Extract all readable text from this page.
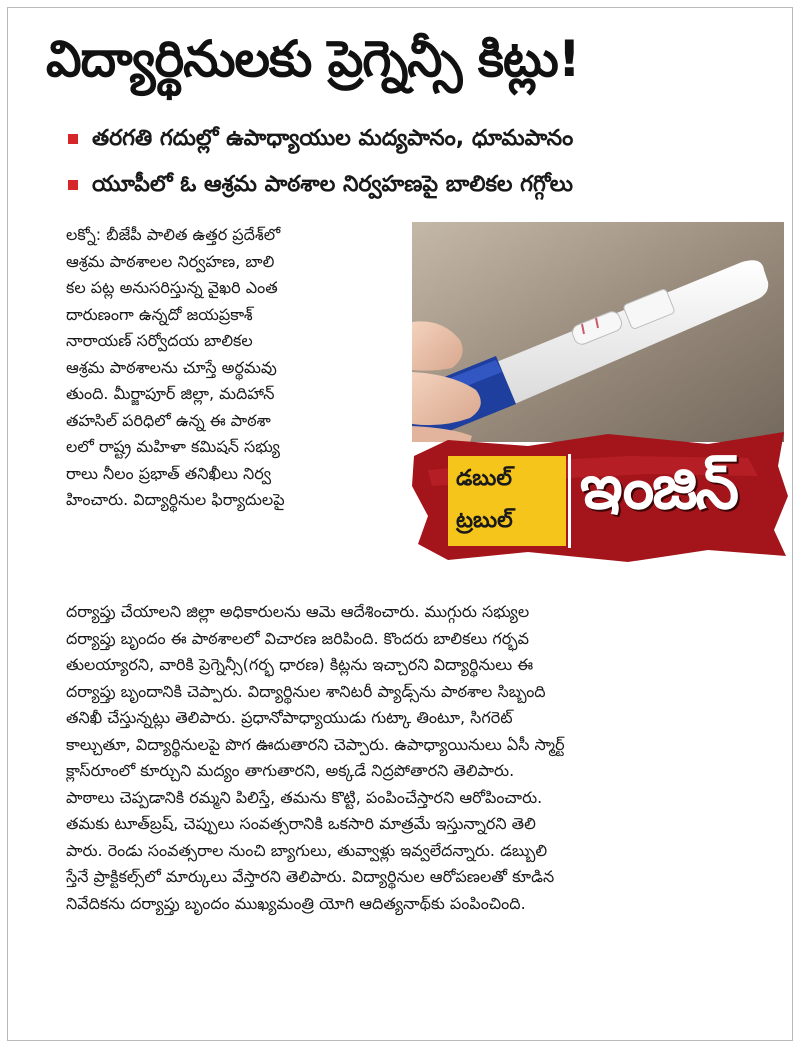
విద్యార్థినులకు ప్రెగ్నెన్సీ కిట్లు!
తరగతి గదుల్లో ఉపాధ్యాయుల మద్యపానం, ధూమపానం
యూపీలో ఓ ఆశ్రమ పాఠశాల నిర్వహణపై బాలికల గగ్గోలు
డబుల్
ట్రబుల్ ఇంజిన్
లక్నో: బీజేపీ పాలిత ఉత్తర ప్రదేశ్‌లో
ఆశ్రమ పాఠశాలల నిర్వహణ, బాలి
కల పట్ల అనుసరిస్తున్న వైఖరి ఎంత
దారుణంగా ఉన్నదో జయప్రకాశ్
నారాయణ్ సర్వోదయ బాలికల
ఆశ్రమ పాఠశాలను చూస్తే అర్థమవు
తుంది. మీర్జాపూర్ జిల్లా, మదిహాన్
తహసిల్ పరిధిలో ఉన్న ఈ పాఠశా
లలో రాష్ట్ర మహిళా కమిషన్ సభ్యు
రాలు నీలం ప్రభాత్ తనిఖీలు నిర్వ
హించారు. విద్యార్థినుల ఫిర్యాదులపై
దర్యాప్తు చేయాలని జిల్లా అధికారులను ఆమె ఆదేశించారు. ముగ్గురు సభ్యుల
దర్యాప్తు బృందం ఈ పాఠశాలలో విచారణ జరిపింది. కొందరు బాలికలు గర్భవ
తులయ్యారని, వారికి ప్రెగ్నెన్సీ(గర్భ ధారణ) కిట్లను ఇచ్చారని విద్యార్థినులు ఈ
దర్యాప్తు బృందానికి చెప్పారు. విద్యార్థినుల శానిటరీ ప్యాడ్స్‌ను పాఠశాల సిబ్బంది
తనిఖీ చేస్తున్నట్లు తెలిపారు. ప్రధానోపాధ్యాయుడు గుట్కా తింటూ, సిగరెట్
కాల్చుతూ, విద్యార్థినులపై పొగ ఊదుతారని చెప్పారు. ఉపాధ్యాయినులు ఏసీ స్మార్ట్
క్లాస్‌రూంలో కూర్చుని మద్యం తాగుతారని, అక్కడే నిద్రపోతారని తెలిపారు.
పాఠాలు చెప్పడానికి రమ్మని పిలిస్తే, తమను కొట్టి, పంపించేస్తారని ఆరోపించారు.
తమకు టూత్‌బ్రష్, చెప్పులు సంవత్సరానికి ఒకసారి మాత్రమే ఇస్తున్నారని తెలి
పారు. రెండు సంవత్సరాల నుంచి బ్యాగులు, తువ్వాళ్లు ఇవ్వలేదన్నారు. డబ్బులి
స్తేనే ప్రాక్టికల్స్‌లో మార్కులు వేస్తారని తెలిపారు. విద్యార్థినుల ఆరోపణలతో కూడిన
నివేదికను దర్యాప్తు బృందం ముఖ్యమంత్రి యోగి ఆదిత్యనాథ్‌కు పంపించింది.
